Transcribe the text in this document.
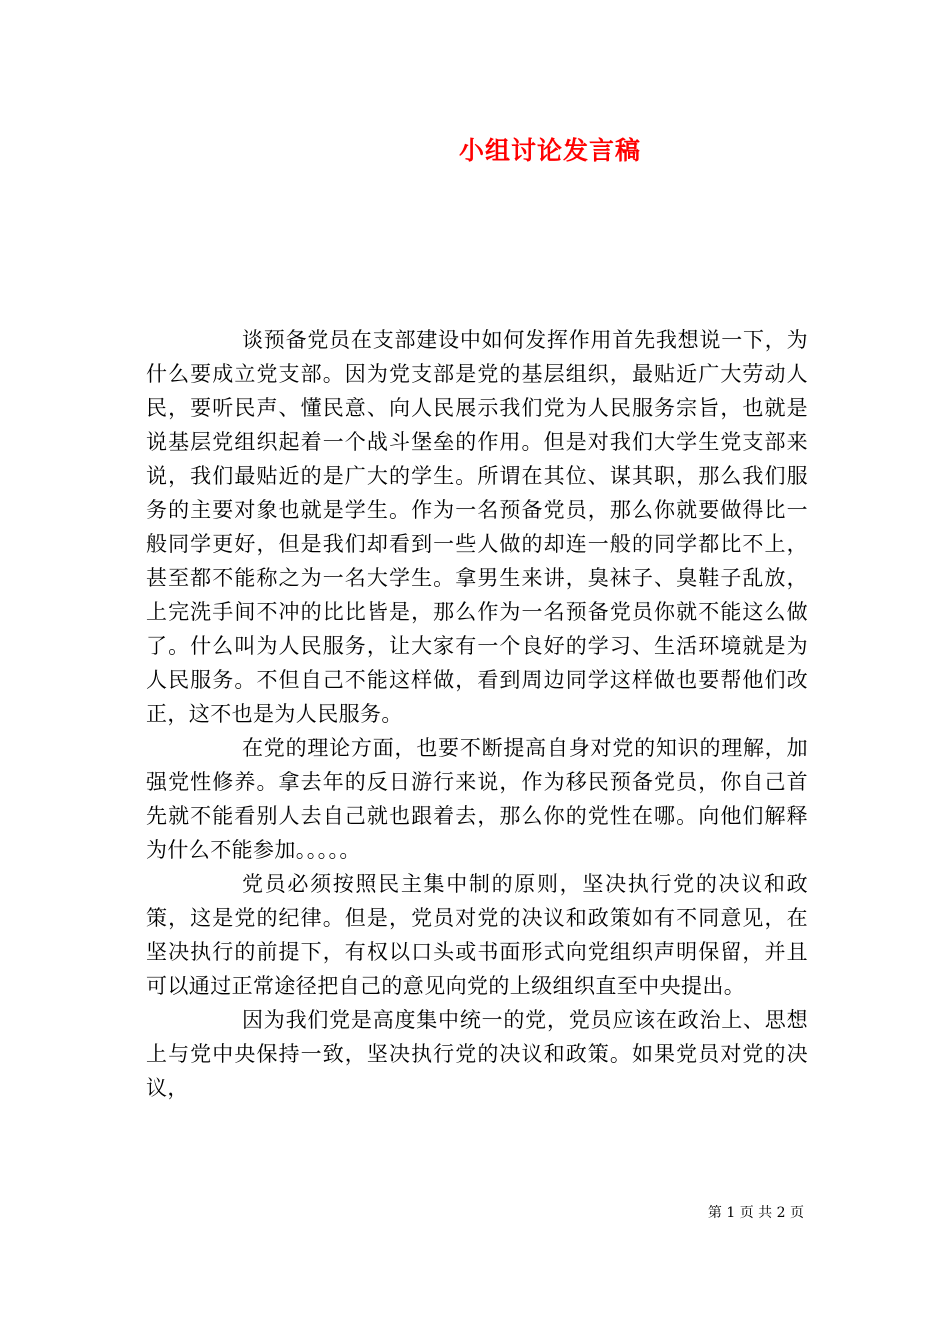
小组讨论发言稿

谈预备党员在支部建设中如何发挥作用首先我想说一下，为什么要成立党支部。因为党支部是党的基层组织，最贴近广大劳动人民，要听民声、懂民意、向人民展示我们党为人民服务宗旨，也就是说基层党组织起着一个战斗堡垒的作用。但是对我们大学生党支部来说，我们最贴近的是广大的学生。所谓在其位、谋其职，那么我们服务的主要对象也就是学生。作为一名预备党员，那么你就要做得比一般同学更好，但是我们却看到一些人做的却连一般的同学都比不上，甚至都不能称之为一名大学生。拿男生来讲，臭袜子、臭鞋子乱放，上完洗手间不冲的比比皆是，那么作为一名预备党员你就不能这么做了。什么叫为人民服务，让大家有一个良好的学习、生活环境就是为人民服务。不但自己不能这样做，看到周边同学这样做也要帮他们改正，这不也是为人民服务。

在党的理论方面，也要不断提高自身对党的知识的理解，加强党性修养。拿去年的反日游行来说，作为移民预备党员，你自己首先就不能看别人去自己就也跟着去，那么你的党性在哪。向他们解释为什么不能参加。。。。。

党员必须按照民主集中制的原则，坚决执行党的决议和政策，这是党的纪律。但是，党员对党的决议和政策如有不同意见，在坚决执行的前提下，有权以口头或书面形式向党组织声明保留，并且可以通过正常途径把自己的意见向党的上级组织直至中央提出。

因为我们党是高度集中统一的党，党员应该在政治上、思想上与党中央保持一致，坚决执行党的决议和政策。如果党员对党的决议，

第 1 页 共 2 页
